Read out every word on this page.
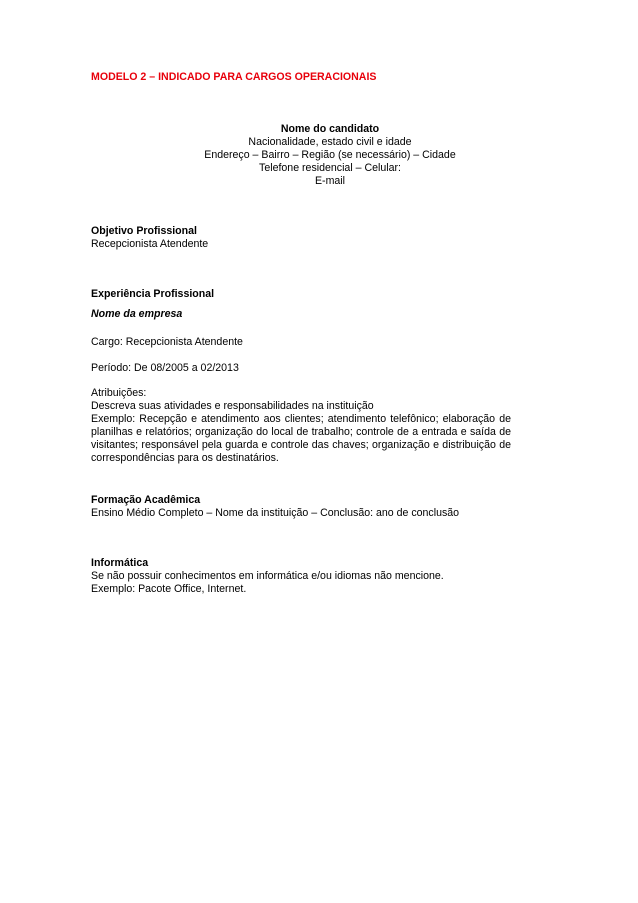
MODELO 2 – INDICADO PARA CARGOS OPERACIONAIS
Nome do candidato
Nacionalidade, estado civil e idade
Endereço – Bairro – Região (se necessário) – Cidade
Telefone residencial – Celular:
E-mail
Objetivo Profissional
Recepcionista Atendente
Experiência Profissional
Nome da empresa
Cargo: Recepcionista Atendente
Período: De 08/2005 a 02/2013
Atribuições:
Descreva suas atividades e responsabilidades na instituição
Exemplo: Recepção e atendimento aos clientes; atendimento telefônico; elaboração de
planilhas e relatórios; organização do local de trabalho; controle de a entrada e saída de
visitantes; responsável pela guarda e controle das chaves; organização e distribuição de
correspondências para os destinatários.
Formação Acadêmica
Ensino Médio Completo – Nome da instituição – Conclusão: ano de conclusão
Informática
Se não possuir conhecimentos em informática e/ou idiomas não mencione.
Exemplo: Pacote Office, Internet.
